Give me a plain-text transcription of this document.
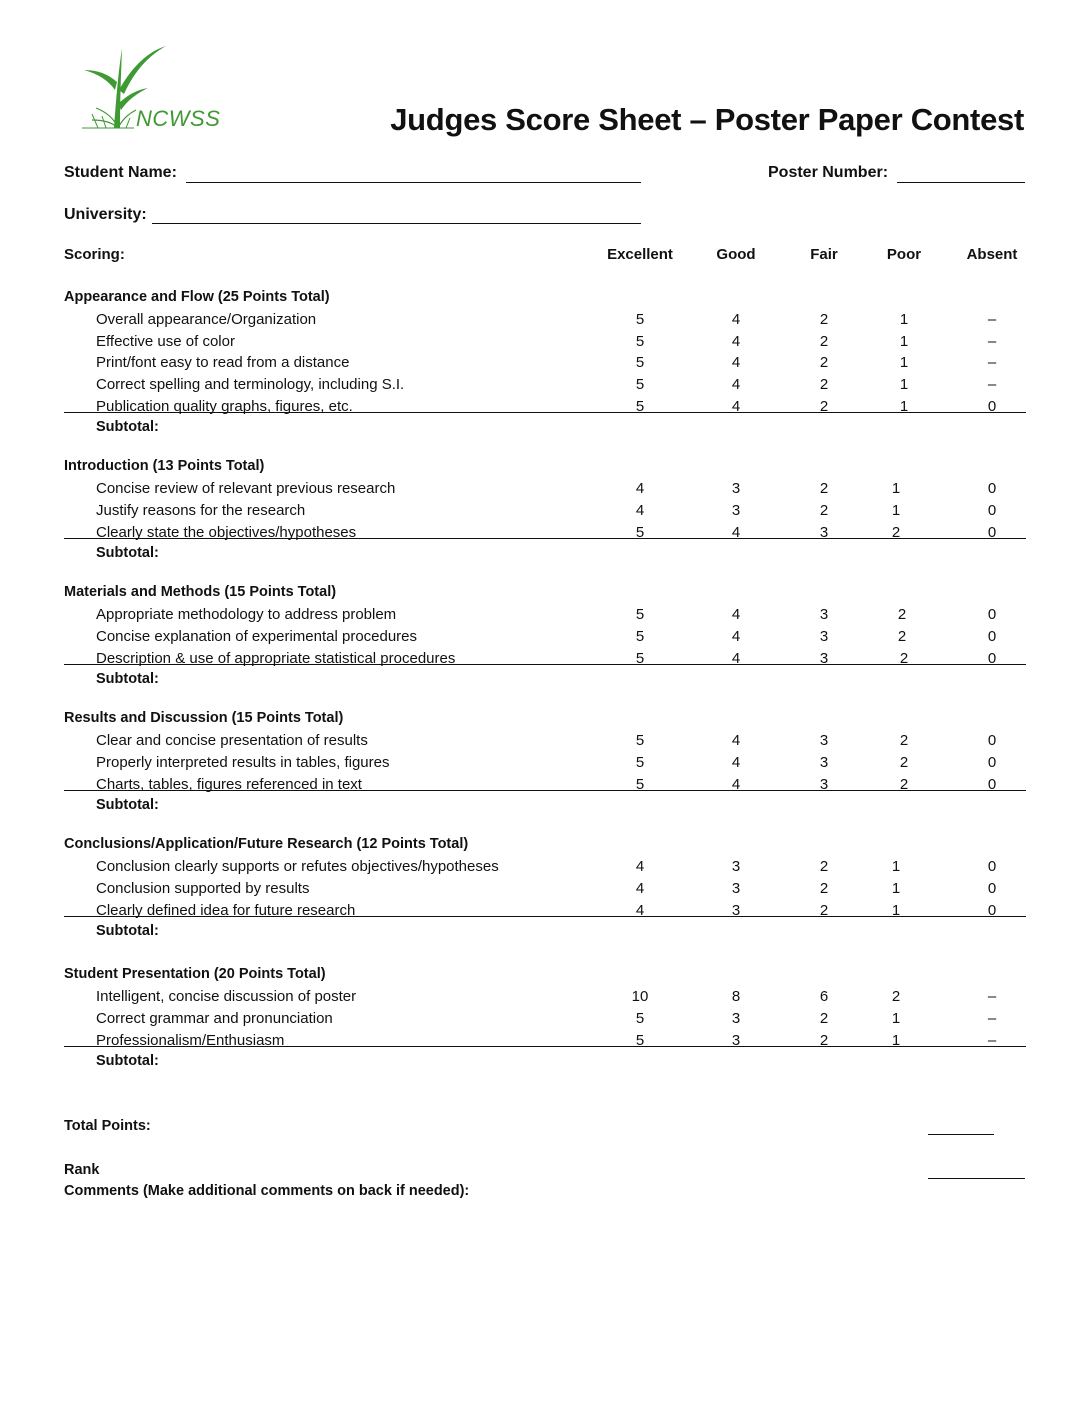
NCWSS	Judges Score Sheet – Poster Paper Contest
Student Name:	Poster Number:
University:
Scoring:	Excellent	Good	Fair	Poor	Absent
Appearance and Flow (25 Points Total)
Overall appearance/Organization	5	4	2	1	–
Effective use of color	5	4	2	1	–
Print/font easy to read from a distance	5	4	2	1	–
Correct spelling and terminology, including S.I.	5	4	2	1	–
Publication quality graphs, figures, etc.	5	4	2	1	0
Subtotal:
Introduction (13 Points Total)
Concise review of relevant previous research	4	3	2	1	0
Justify reasons for the research	4	3	2	1	0
Clearly state the objectives/hypotheses	5	4	3	2	0
Subtotal:
Materials and Methods (15 Points Total)
Appropriate methodology to address problem	5	4	3	2	0
Concise explanation of experimental procedures	5	4	3	2	0
Description & use of appropriate statistical procedures	5	4	3	2	0
Subtotal:
Results and Discussion (15 Points Total)
Clear and concise presentation of results	5	4	3	2	0
Properly interpreted results in tables, figures	5	4	3	2	0
Charts, tables, figures referenced in text	5	4	3	2	0
Subtotal:
Conclusions/Application/Future Research (12 Points Total)
Conclusion clearly supports or refutes objectives/hypotheses	4	3	2	1	0
Conclusion supported by results	4	3	2	1	0
Clearly defined idea for future research	4	3	2	1	0
Subtotal:
Student Presentation (20 Points Total)
Intelligent, concise discussion of poster	10	8	6	2	–
Correct grammar and pronunciation	5	3	2	1	–
Professionalism/Enthusiasm	5	3	2	1	–
Subtotal:
Total Points:
Rank
Comments (Make additional comments on back if needed):
